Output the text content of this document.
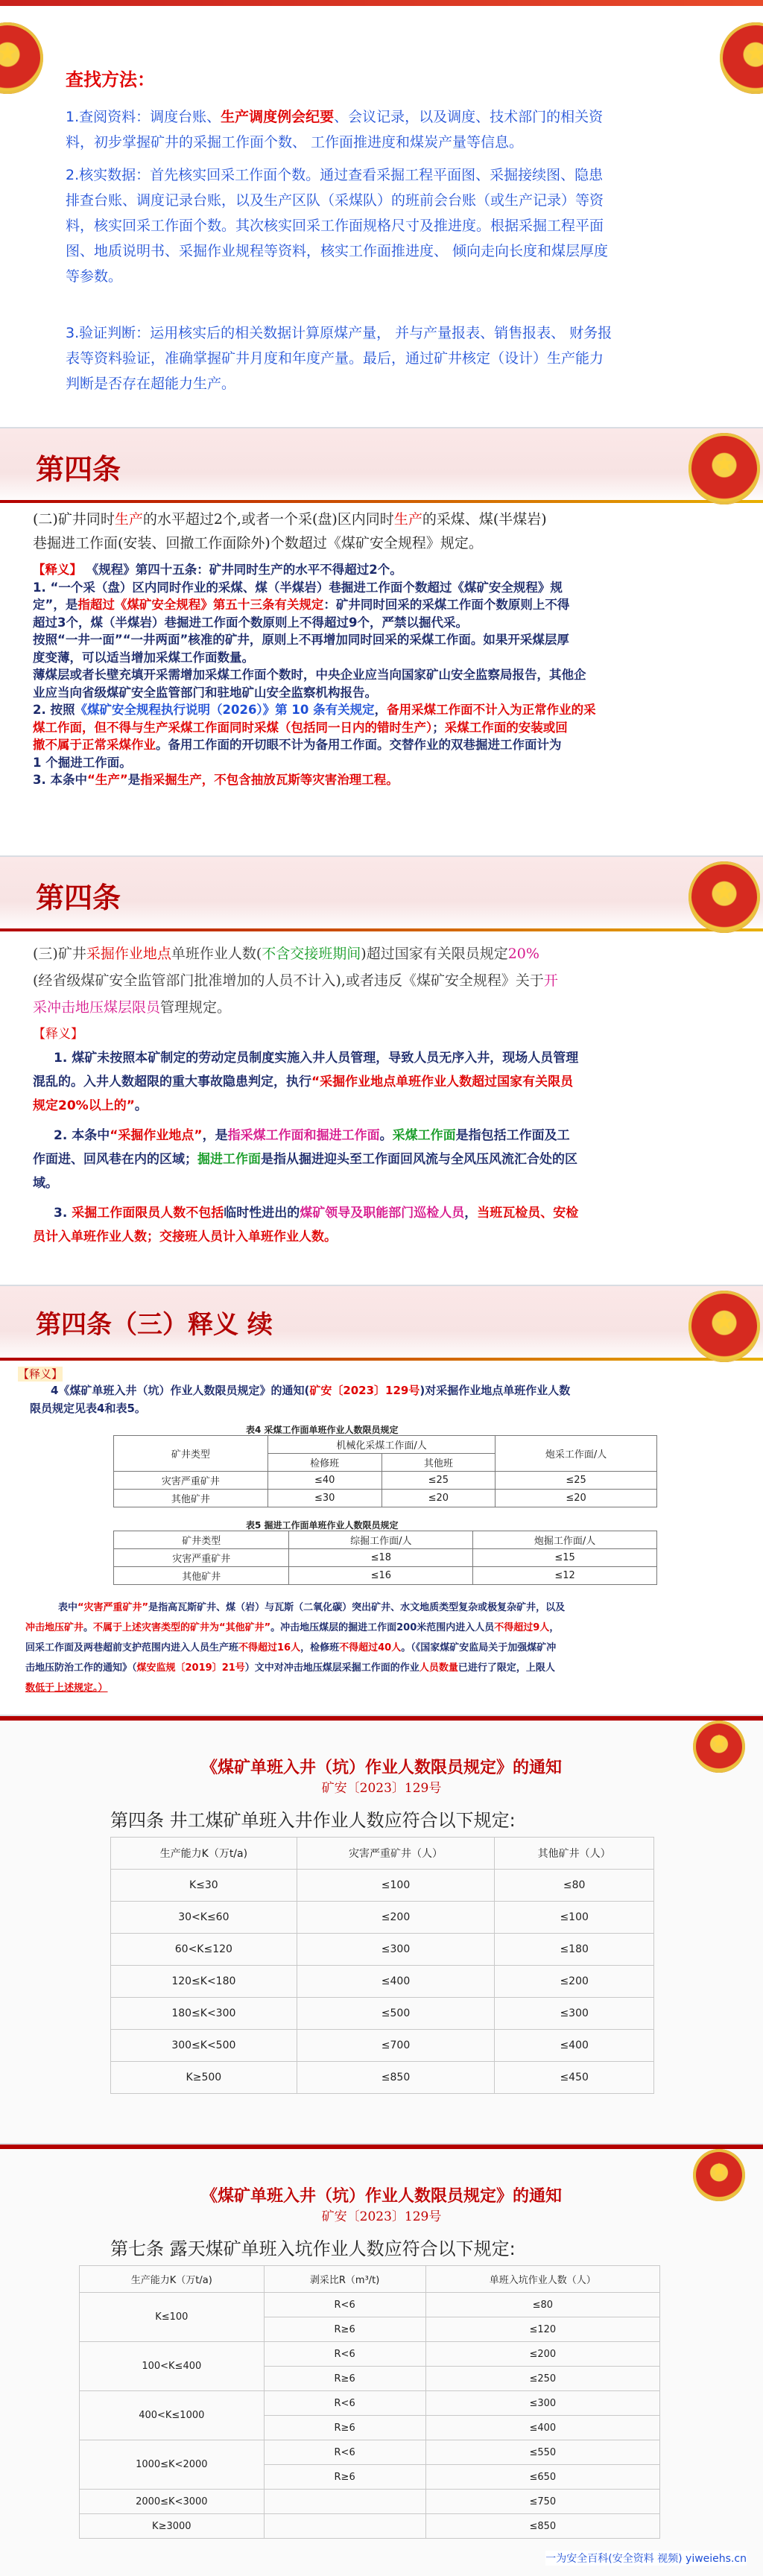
★
★
查找方法：
1.查阅资料：调度台账、生产调度例会纪要、会议记录，以及调度、技术部门的相关资
料，初步掌握矿井的采掘工作面个数、 工作面推进度和煤炭产量等信息。
2.核实数据：首先核实回采工作面个数。通过查看采掘工程平面图、采掘接续图、隐患
排查台账、调度记录台账，以及生产区队（采煤队）的班前会台账（或生产记录）等资
料，核实回采工作面个数。其次核实回采工作面规格尺寸及推进度。根据采掘工程平面
图、地质说明书、采掘作业规程等资料，核实工作面推进度、 倾向走向长度和煤层厚度
等参数。
3.验证判断：运用核实后的相关数据计算原煤产量， 并与产量报表、销售报表、 财务报
表等资料验证，准确掌握矿井月度和年度产量。最后，通过矿井核定（设计）生产能力
判断是否存在超能力生产。
第四条
★
(二)矿井同时生产的水平超过2个,或者一个采(盘)区内同时生产的采煤、煤(半煤岩)
巷掘进工作面(安装、回撤工作面除外)个数超过《煤矿安全规程》规定。
【释义】 《规程》第四十五条：矿井同时生产的水平不得超过2个。
1. “一个采（盘）区内同时作业的采煤、煤（半煤岩）巷掘进工作面个数超过《煤矿安全规程》规
定”，是指超过《煤矿安全规程》第五十三条有关规定：矿井同时回采的采煤工作面个数原则上不得
超过3个，煤（半煤岩）巷掘进工作面个数原则上不得超过9个，严禁以掘代采。
按照“一井一面”“一井两面”核准的矿井，原则上不再增加同时回采的采煤工作面。如果开采煤层厚
度变薄，可以适当增加采煤工作面数量。
薄煤层或者长壁充填开采需增加采煤工作面个数时，中央企业应当向国家矿山安全监察局报告，其他企
业应当向省级煤矿安全监管部门和驻地矿山安全监察机构报告。
2. 按照《煤矿安全规程执行说明（2026）》第 10 条有关规定，备用采煤工作面不计入为正常作业的采
煤工作面，但不得与生产采煤工作面同时采煤（包括同一日内的错时生产）；采煤工作面的安装或回
撤不属于正常采煤作业。备用工作面的开切眼不计为备用工作面。交替作业的双巷掘进工作面计为
1 个掘进工作面。
3. 本条中“生产”是指采掘生产，不包含抽放瓦斯等灾害治理工程。
第四条
★
(三)矿井采掘作业地点单班作业人数(不含交接班期间)超过国家有关限员规定20%
(经省级煤矿安全监管部门批准增加的人员不计入),或者违反《煤矿安全规程》关于开
采冲击地压煤层限员管理规定。
【释义】
1. 煤矿未按照本矿制定的劳动定员制度实施入井人员管理，导致人员无序入井，现场人员管理
混乱的。入井人数超限的重大事故隐患判定，执行“采掘作业地点单班作业人数超过国家有关限员
规定20%以上的”。
2. 本条中“采掘作业地点”，是指采煤工作面和掘进工作面。采煤工作面是指包括工作面及工
作面进、回风巷在内的区域；掘进工作面是指从掘进迎头至工作面回风流与全风压风流汇合处的区
域。
3. 采掘工作面限员人数不包括临时性进出的煤矿领导及职能部门巡检人员，当班瓦检员、安检
员计入单班作业人数；交接班人员计入单班作业人数。
第四条（三）释义 续
★
【释义】
4《煤矿单班入井（坑）作业人数限员规定》的通知(矿安〔2023〕129号)对采掘作业地点单班作业人数
限员规定见表4和表5。
表4 采煤工作面单班作业人数限员规定
矿井类型	机械化采煤工作面/人		炮采工作面/人
	检修班	其他班	
灾害严重矿井	≤40	≤25	≤25
其他矿井	≤30	≤20	≤20
表5 掘进工作面单班作业人数限员规定
矿井类型	综掘工作面/人	炮掘工作面/人
灾害严重矿井	≤18	≤15
其他矿井	≤16	≤12
表中“灾害严重矿井”是指高瓦斯矿井、煤（岩）与瓦斯（二氧化碳）突出矿井、水文地质类型复杂或极复杂矿井，以及
冲击地压矿井。不属于上述灾害类型的矿井为“其他矿井”。冲击地压煤层的掘进工作面200米范围内进入人员不得超过9人，
回采工作面及两巷超前支护范围内进入人员生产班不得超过16人，检修班不得超过40人。（《国家煤矿安监局关于加强煤矿冲
击地压防治工作的通知》（煤安监规〔2019〕21号）文中对冲击地压煤层采掘工作面的作业人员数量已进行了限定，上限人
数低于上述规定。）
★
《煤矿单班入井（坑）作业人数限员规定》的通知
矿安〔2023〕129号
第四条 井工煤矿单班入井作业人数应符合以下规定:
生产能力K（万t/a)	灾害严重矿井（人）	其他矿井（人）
K≤30	≤100	≤80
30<K≤60	≤200	≤100
60<K≤120	≤300	≤180
120≤K<180	≤400	≤200
180≤K<300	≤500	≤300
300≤K<500	≤700	≤400
K≥500	≤850	≤450
★
《煤矿单班入井（坑）作业人数限员规定》的通知
矿安〔2023〕129号
第七条 露天煤矿单班入坑作业人数应符合以下规定:
生产能力K（万t/a)	剥采比R（m³/t)	单班入坑作业人数（人）
K≤100	R<6	≤80
	R≥6	≤120
100<K≤400	R<6	≤200
	R≥6	≤250
400<K≤1000	R<6	≤300
	R≥6	≤400
1000≤K<2000	R<6	≤550
	R≥6	≤650
2000≤K<3000		≤750
K≥3000		≤850
一为安全百科(安全资料 视频) yiweiehs.cn
